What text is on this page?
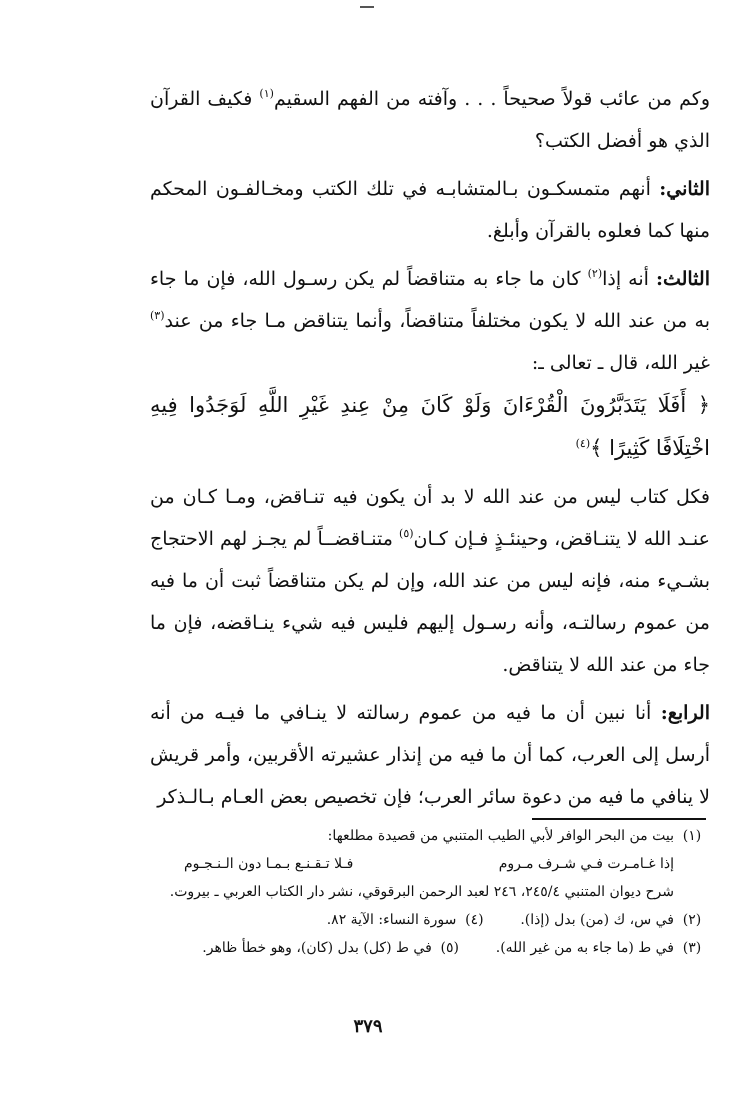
وكم من عائب قولاً صحيحاً . . . وآفته من الفهم السقيم$^{(١)}$ فكيف القرآن الذي هو أفضل الكتب؟

الثاني: أنهم متمسكـون بـالمتشابـه في تلك الكتب ومخـالفـون المحكم منها كما فعلوه بالقرآن وأبلغ.

الثالث: أنه إذا$^{(٢)}$ كان ما جاء به متناقضاً لم يكن رسـول الله، فإن ما جاء به من عند الله لا يكون مختلفاً متناقضاً، وأنما يتناقض مـا جاء من عند$^{(٣)}$ غير الله، قال ـ تعالى ـ:
﴿ أَفَلَا يَتَدَبَّرُونَ الْقُرْءَانَ وَلَوْ كَانَ مِنْ عِندِ غَيْرِ اللَّهِ لَوَجَدُوا فِيهِ اخْتِلَافًا كَثِيرًا ﴾$^{(٤)}$

فكل كتاب ليس من عند الله لا بد أن يكون فيه تنـاقض، ومـا كـان من عنـد الله لا يتنـاقض، وحينئـذٍ فـإن كـان$^{(٥)}$ متنـاقضــاً لم يجـز لهم الاحتجاج بشـيء منه، فإنه ليس من عند الله، وإن لم يكن متناقضاً ثبت أن ما فيه من عموم رسالتـه، وأنه رسـول إليهم فليس فيه شيء ينـاقضه، فإن ما جاء من عند الله لا يتناقض.

الرابع: أنا نبين أن ما فيه من عموم رسالته لا ينـافي ما فيـه من أنه أرسل إلى العرب، كما أن ما فيه من إنذار عشيرته الأقربين، وأمر قريش لا ينافي ما فيه من دعوة سائر العرب؛ فإن تخصيص بعض العـام بـالـذكر

(١)
بيت من البحر الوافر لأبي الطيب المتنبي من قصيدة مطلعها:
إذا غـامـرت فـي شـرف مـروم
فـلا تـقـنـع بـمـا دون الـنـجـوم
شرح ديوان المتنبي ٢٤٥/٤، ٢٤٦ لعبد الرحمن البرقوقي، نشر دار الكتاب العربي ـ بيروت.
(٢)
في س، ك (من) بدل (إذا).
(٤)
سورة النساء: الآية ٨٢.
(٣)
في ط (ما جاء به من غير الله).
(٥)
في ط (كل) بدل (كان)، وهو خطأ ظاهر.
٣٧٩
